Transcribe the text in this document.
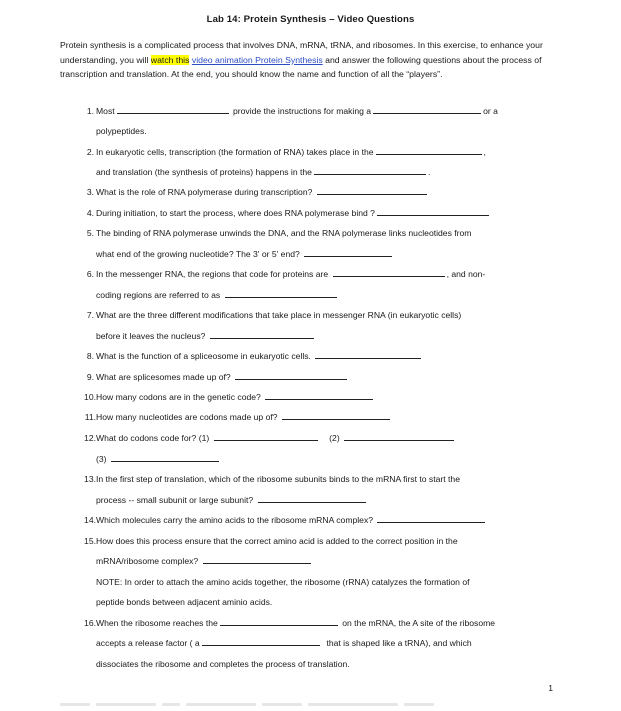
Lab 14: Protein Synthesis – Video Questions
Protein synthesis is a complicated process that involves DNA, mRNA, tRNA, and ribosomes. In this exercise, to enhance your understanding, you will watch this video animation Protein Synthesis and answer the following questions about the process of transcription and translation. At the end, you should know the name and function of all the “players”.
1. Most	provide the instructions for making a	or a
polypeptides.
2. In eukaryotic cells, transcription (the formation of RNA) takes place in the	,
and translation (the synthesis of proteins) happens in the	.
3. What is the role of RNA polymerase during transcription?
4. During initiation, to start the process, where does RNA polymerase bind ?
5. The binding of RNA polymerase unwinds the DNA, and the RNA polymerase links nucleotides from
what end of the growing nucleotide? The 3' or 5' end?
6. In the messenger RNA, the regions that code for proteins are	, and non-
coding regions are referred to as
7. What are the three different modifications that take place in messenger RNA (in eukaryotic cells)
before it leaves the nucleus?
8. What is the function of a spliceosome in eukaryotic cells.
9. What are splicesomes made up of?
10. How many codons are in the genetic code?
11. How many nucleotides are codons made up of?
12. What do codons code for? (1)	(2)
(3)
13. In the first step of translation, which of the ribosome subunits binds to the mRNA first to start the
process -- small subunit or large subunit?
14. Which molecules carry the amino acids to the ribosome mRNA complex?
15. How does this process ensure that the correct amino acid is added to the correct position in the
mRNA/ribosome complex?
NOTE: In order to attach the amino acids together, the ribosome (rRNA) catalyzes the formation of
peptide bonds between adjacent aminio acids.
16. When the ribosome reaches the	on the mRNA, the A site of the ribosome
accepts a release factor ( a	that is shaped like a tRNA), and which
dissociates the ribosome and completes the process of translation.
1
